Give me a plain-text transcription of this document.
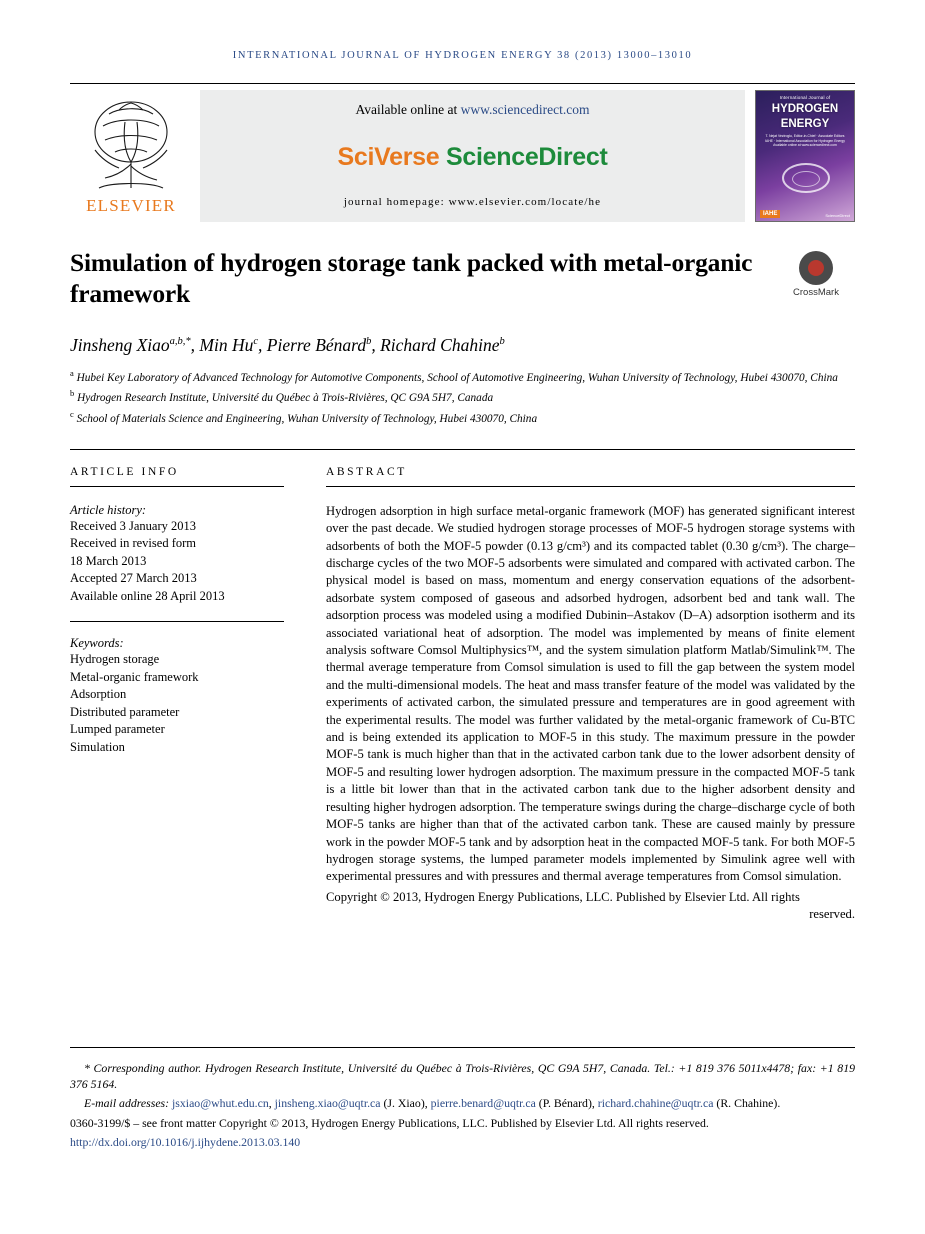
INTERNATIONAL JOURNAL OF HYDROGEN ENERGY 38 (2013) 13000–13010
ELSEVIER
Available online at www.sciencedirect.com
SciVerse ScienceDirect
journal homepage: www.elsevier.com/locate/he
International Journal of
HYDROGEN
ENERGY
T. Nejat Veziroglu, Editor-in-Chief · Associate Editors IAHE · International Association for Hydrogen Energy Available online at www.sciencedirect.com
IAHE	ScienceDirect
Simulation of hydrogen storage tank packed with metal-organic framework	CrossMark
Jinsheng Xiao$^{a,b,*}$, Min Hu$^c$, Pierre Bénard$^b$, Richard Chahine$^b$
$^a$ Hubei Key Laboratory of Advanced Technology for Automotive Components, School of Automotive Engineering, Wuhan University of Technology, Hubei 430070, China
$^b$ Hydrogen Research Institute, Université du Québec à Trois-Rivières, QC G9A 5H7, Canada
$^c$ School of Materials Science and Engineering, Wuhan University of Technology, Hubei 430070, China
ARTICLE INFO
Article history:
Received 3 January 2013
Received in revised form
18 March 2013
Accepted 27 March 2013
Available online 28 April 2013
Keywords:
Hydrogen storage
Metal-organic framework
Adsorption
Distributed parameter
Lumped parameter
Simulation
ABSTRACT

Hydrogen adsorption in high surface metal-organic framework (MOF) has generated significant interest over the past decade. We studied hydrogen storage processes of MOF-5 hydrogen storage systems with adsorbents of both the MOF-5 powder (0.13 g/cm³) and its compacted tablet (0.30 g/cm³). The charge–discharge cycles of the two MOF-5 adsorbents were simulated and compared with activated carbon. The physical model is based on mass, momentum and energy conservation equations of the adsorbent-adsorbate system composed of gaseous and adsorbed hydrogen, adsorbent bed and tank wall. The adsorption process was modeled using a modified Dubinin–Astakov (D–A) adsorption isotherm and its associated variational heat of adsorption. The model was implemented by means of finite element analysis software Comsol Multiphysics™, and the system simulation platform Matlab/Simulink™. The thermal average temperature from Comsol simulation is used to fill the gap between the system model and the multi-dimensional models. The heat and mass transfer feature of the model was validated by the experiments of activated carbon, the simulated pressure and temperatures are in good agreement with the experimental results. The model was further validated by the metal-organic framework of Cu-BTC and is being extended its application to MOF-5 in this study. The maximum pressure in the powder MOF-5 tank is much higher than that in the activated carbon tank due to the lower adsorbent density of MOF-5 and resulting lower hydrogen adsorption. The maximum pressure in the compacted MOF-5 tank is a little bit lower than that in the activated carbon tank due to the higher adsorbent density and resulting higher hydrogen adsorption. The temperature swings during the charge–discharge cycle of both MOF-5 tanks are higher than that of the activated carbon tank. These are caused mainly by pressure work in the powder MOF-5 tank and by adsorption heat in the compacted MOF-5 tank. For both MOF-5 hydrogen storage systems, the lumped parameter models implemented by Simulink agree well with experimental pressures and with pressures and thermal average temperatures from Comsol simulation.

Copyright © 2013, Hydrogen Energy Publications, LLC. Published by Elsevier Ltd. All rights
reserved.

* Corresponding author. Hydrogen Research Institute, Université du Québec à Trois-Rivières, QC G9A 5H7, Canada. Tel.: +1 819 376 5011x4478; fax: +1 819 376 5164.

E-mail addresses: jsxiao@whut.edu.cn, jinsheng.xiao@uqtr.ca (J. Xiao), pierre.benard@uqtr.ca (P. Bénard), richard.chahine@uqtr.ca (R. Chahine).

0360-3199/$ – see front matter Copyright © 2013, Hydrogen Energy Publications, LLC. Published by Elsevier Ltd. All rights reserved.

http://dx.doi.org/10.1016/j.ijhydene.2013.03.140
